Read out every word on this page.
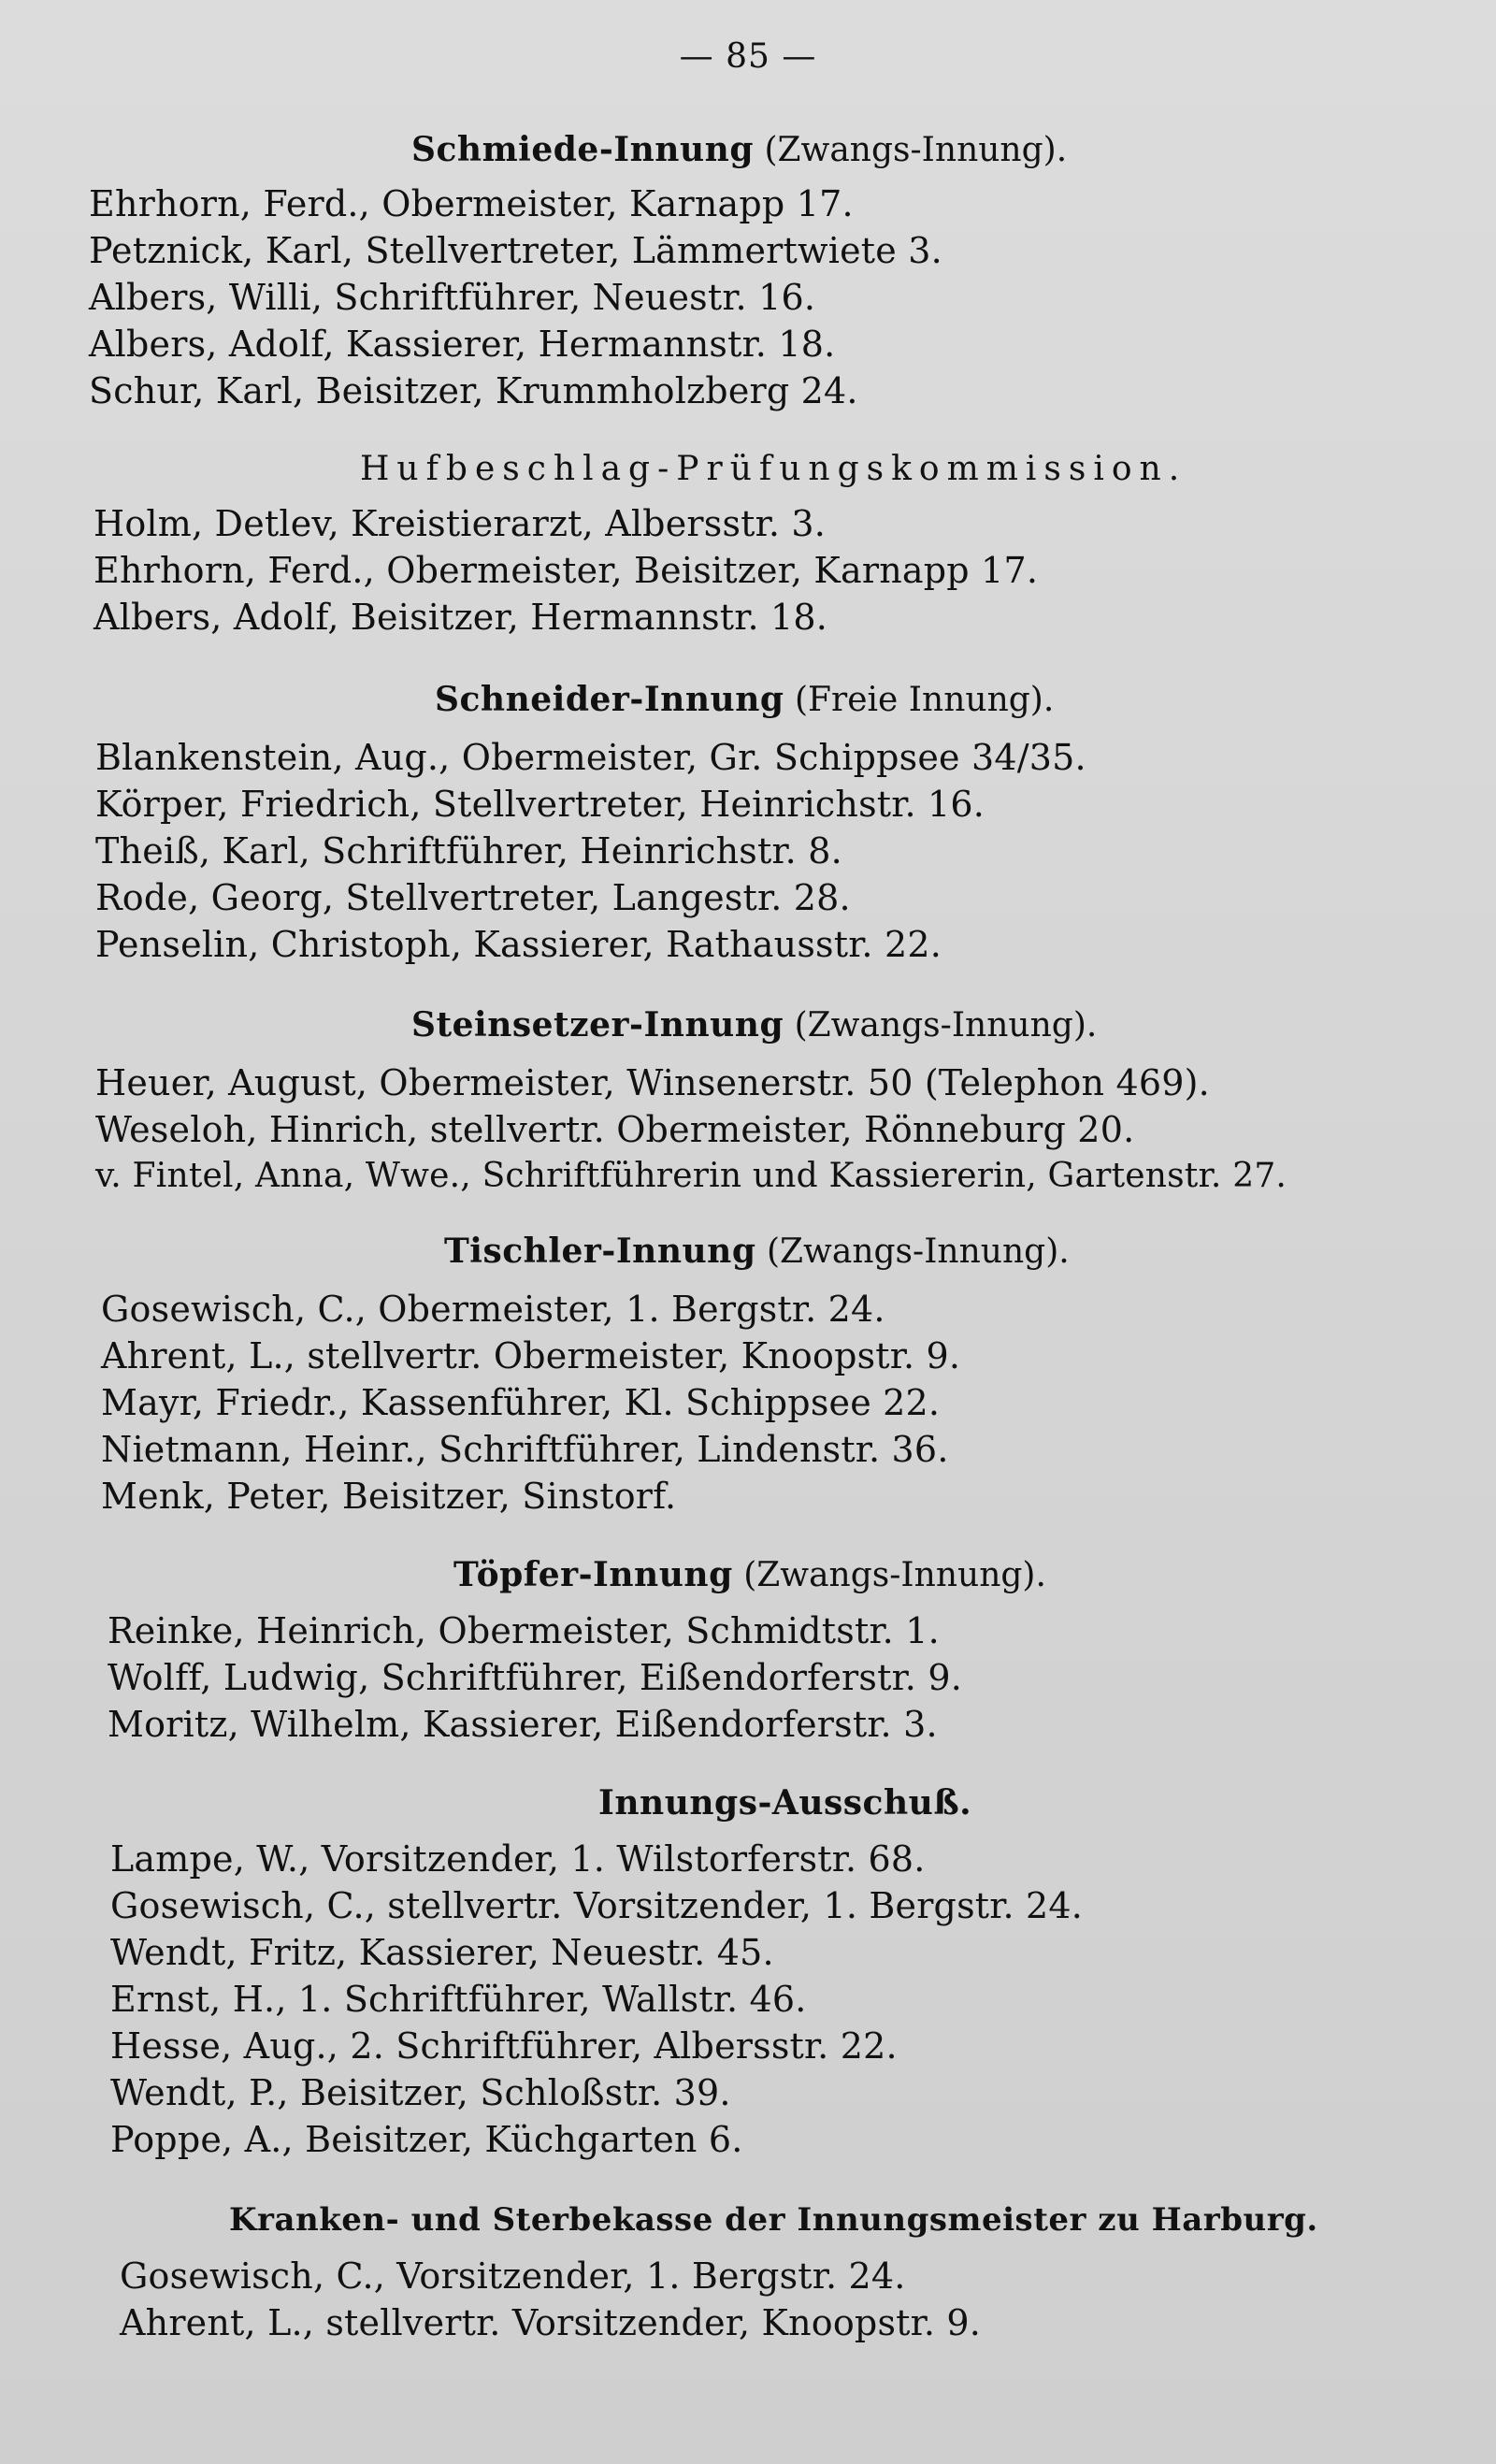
— 85 —
Schmiede-Innung (Zwangs-Innung).
Ehrhorn, Ferd., Obermeister, Karnapp 17.
Petznick, Karl, Stellvertreter, Lämmertwiete 3.
Albers, Willi, Schriftführer, Neuestr. 16.
Albers, Adolf, Kassierer, Hermannstr. 18.
Schur, Karl, Beisitzer, Krummholzberg 24.
Hufbeschlag-Prüfungskommission.
Holm, Detlev, Kreistierarzt, Albersstr. 3.
Ehrhorn, Ferd., Obermeister, Beisitzer, Karnapp 17.
Albers, Adolf, Beisitzer, Hermannstr. 18.
Schneider-Innung (Freie Innung).
Blankenstein, Aug., Obermeister, Gr. Schippsee 34/35.
Körper, Friedrich, Stellvertreter, Heinrichstr. 16.
Theiß, Karl, Schriftführer, Heinrichstr. 8.
Rode, Georg, Stellvertreter, Langestr. 28.
Penselin, Christoph, Kassierer, Rathausstr. 22.
Steinsetzer-Innung (Zwangs-Innung).
Heuer, August, Obermeister, Winsenerstr. 50 (Telephon 469).
Weseloh, Hinrich, stellvertr. Obermeister, Rönneburg 20.
v. Fintel, Anna, Wwe., Schriftführerin und Kassiererin, Gartenstr. 27.
Tischler-Innung (Zwangs-Innung).
Gosewisch, C., Obermeister, 1. Bergstr. 24.
Ahrent, L., stellvertr. Obermeister, Knoopstr. 9.
Mayr, Friedr., Kassenführer, Kl. Schippsee 22.
Nietmann, Heinr., Schriftführer, Lindenstr. 36.
Menk, Peter, Beisitzer, Sinstorf.
Töpfer-Innung (Zwangs-Innung).
Reinke, Heinrich, Obermeister, Schmidtstr. 1.
Wolff, Ludwig, Schriftführer, Eißendorferstr. 9.
Moritz, Wilhelm, Kassierer, Eißendorferstr. 3.
Innungs-Ausschuß.
Lampe, W., Vorsitzender, 1. Wilstorferstr. 68.
Gosewisch, C., stellvertr. Vorsitzender, 1. Bergstr. 24.
Wendt, Fritz, Kassierer, Neuestr. 45.
Ernst, H., 1. Schriftführer, Wallstr. 46.
Hesse, Aug., 2. Schriftführer, Albersstr. 22.
Wendt, P., Beisitzer, Schloßstr. 39.
Poppe, A., Beisitzer, Küchgarten 6.
Kranken- und Sterbekasse der Innungsmeister zu Harburg.
Gosewisch, C., Vorsitzender, 1. Bergstr. 24.
Ahrent, L., stellvertr. Vorsitzender, Knoopstr. 9.
